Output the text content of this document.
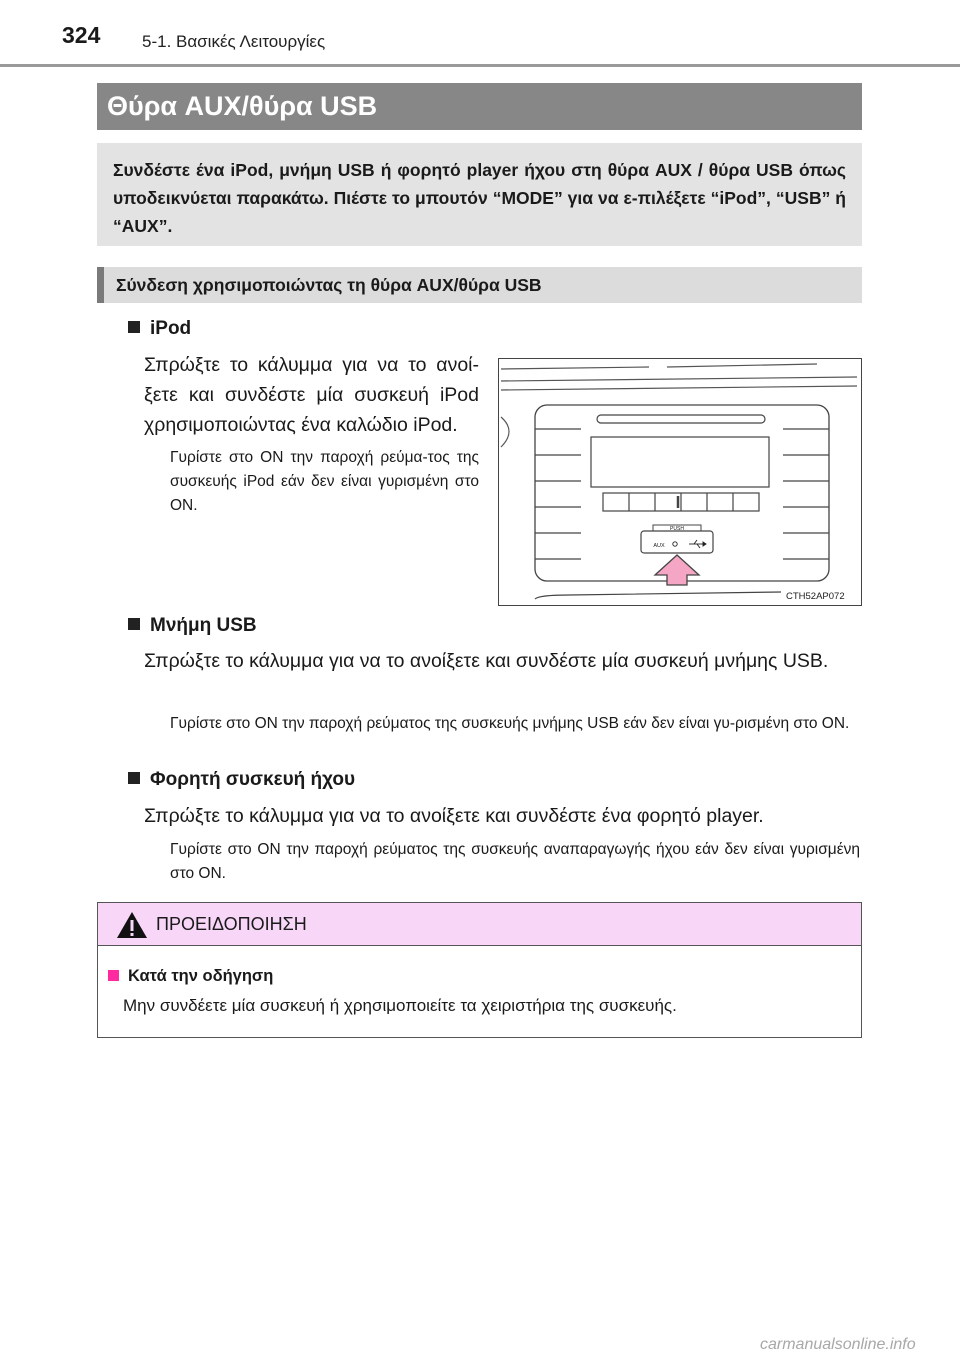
324 5-1. Βασικές Λειτουργίες
Θύρα AUX/θύρα USB
Συνδέστε ένα iPod, μνήμη USB ή φορητό player ήχου στη θύρα AUX / θύρα USB όπως υποδεικνύεται παρακάτω. Πιέστε το μπουτόν “MODE” για να ε-πιλέξετε “iPod”, “USB” ή “AUX”.
Σύνδεση χρησιμοποιώντας τη θύρα AUX/θύρα USB
iPod
Σπρώξτε το κάλυμμα για να το ανοί-ξετε και συνδέστε μία συσκευή iPod χρησιμοποιώντας ένα καλώδιο iPod.
Γυρίστε στο ON την παροχή ρεύμα-τος της συσκευής iPod εάν δεν είναι γυρισμένη στο ON.
PUSH
AUX
CTH52AP072
Μνήμη USB
Σπρώξτε το κάλυμμα για να το ανοίξετε και συνδέστε μία συσκευή μνήμης USB.
Γυρίστε στο ON την παροχή ρεύματος της συσκευής μνήμης USB εάν δεν είναι γυ-ρισμένη στο ON.
Φορητή συσκευή ήχου
Σπρώξτε το κάλυμμα για να το ανοίξετε και συνδέστε ένα φορητό player.
Γυρίστε στο ON την παροχή ρεύματος της συσκευής αναπαραγωγής ήχου εάν δεν είναι γυρισμένη στο ON.
ΠΡΟΕΙΔΟΠΟΙΗΣΗ
Κατά την οδήγηση
Μην συνδέετε μία συσκευή ή χρησιμοποιείτε τα χειριστήρια της συσκευής.
carmanualsonline.info
